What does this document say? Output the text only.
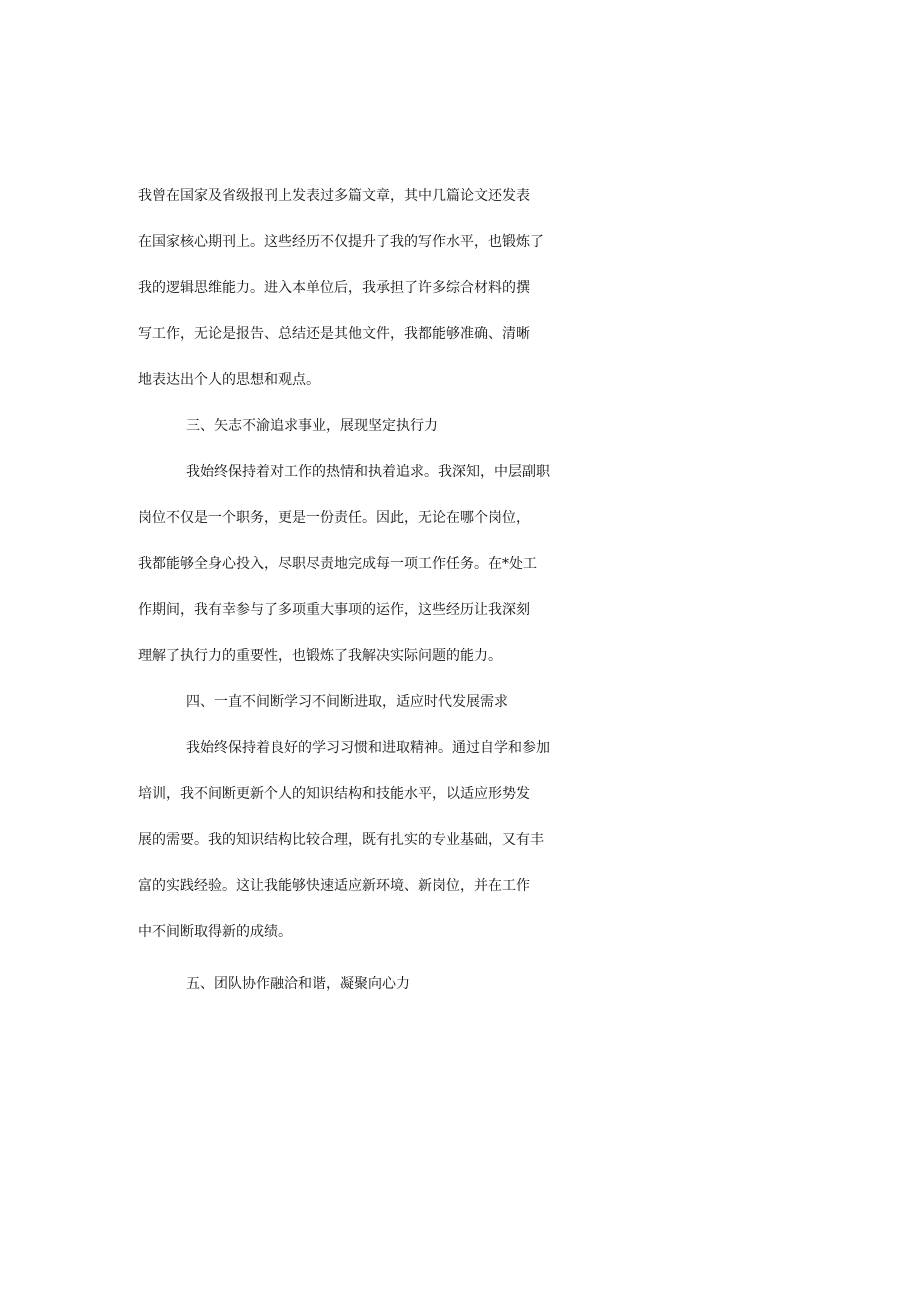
我曾在国家及省级报刊上发表过多篇文章，其中几篇论文还发表
在国家核心期刊上。这些经历不仅提升了我的写作水平，也锻炼了
我的逻辑思维能力。进入本单位后，我承担了许多综合材料的撰
写工作，无论是报告、总结还是其他文件，我都能够准确、清晰
地表达出个人的思想和观点。
三、矢志不渝追求事业，展现坚定执行力
我始终保持着对工作的热情和执着追求。我深知，中层副职
岗位不仅是一个职务，更是一份责任。因此，无论在哪个岗位，
我都能够全身心投入，尽职尽责地完成每一项工作任务。在*处工
作期间，我有幸参与了多项重大事项的运作，这些经历让我深刻
理解了执行力的重要性，也锻炼了我解决实际问题的能力。
四、一直不间断学习不间断进取，适应时代发展需求
我始终保持着良好的学习习惯和进取精神。通过自学和参加
培训，我不间断更新个人的知识结构和技能水平，以适应形势发
展的需要。我的知识结构比较合理，既有扎实的专业基础，又有丰
富的实践经验。这让我能够快速适应新环境、新岗位，并在工作
中不间断取得新的成绩。
五、团队协作融洽和谐，凝聚向心力
